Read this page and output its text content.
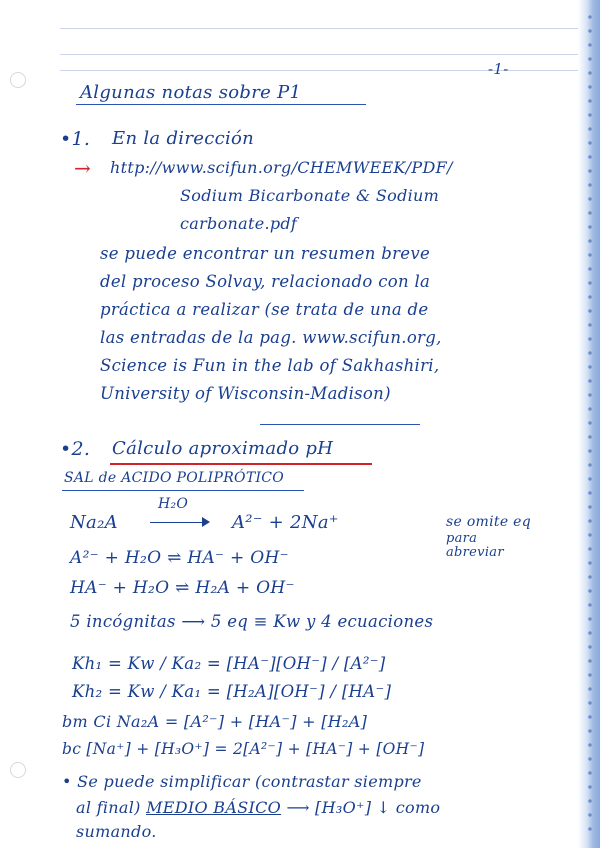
-1-
Algunas notas sobre P1
•1. En la dirección
→ http://www.scifun.org/CHEMWEEK/PDF/
Sodium Bicarbonate & Sodium
carbonate.pdf
se puede encontrar un resumen breve
del proceso Solvay, relacionado con la
práctica a realizar (se trata de una de
las entradas de la pag. www.scifun.org,
Science is Fun in the lab of Sakhashiri,
University of Wisconsin-Madison)
•2. Cálculo aproximado pH
SAL de ACIDO POLIPRÓTICO
Na₂A
H₂O
A²⁻ + 2Na⁺	se omite eq
para
abreviar
A²⁻ + H₂O ⇌ HA⁻ + OH⁻
HA⁻ + H₂O ⇌ H₂A + OH⁻
5 incógnitas ⟶ 5 eq ≡ Kw y 4 ecuaciones
Kh₁ = Kw / Ka₂ = [HA⁻][OH⁻] / [A²⁻]
Kh₂ = Kw / Ka₁ = [H₂A][OH⁻] / [HA⁻]
bm Ci Na₂A = [A²⁻] + [HA⁻] + [H₂A]
bc [Na⁺] + [H₃O⁺] = 2[A²⁻] + [HA⁻] + [OH⁻]
• Se puede simplificar (contrastar siempre
al final) MEDIO BÁSICO ⟶ [H₃O⁺] ↓ como
sumando.
